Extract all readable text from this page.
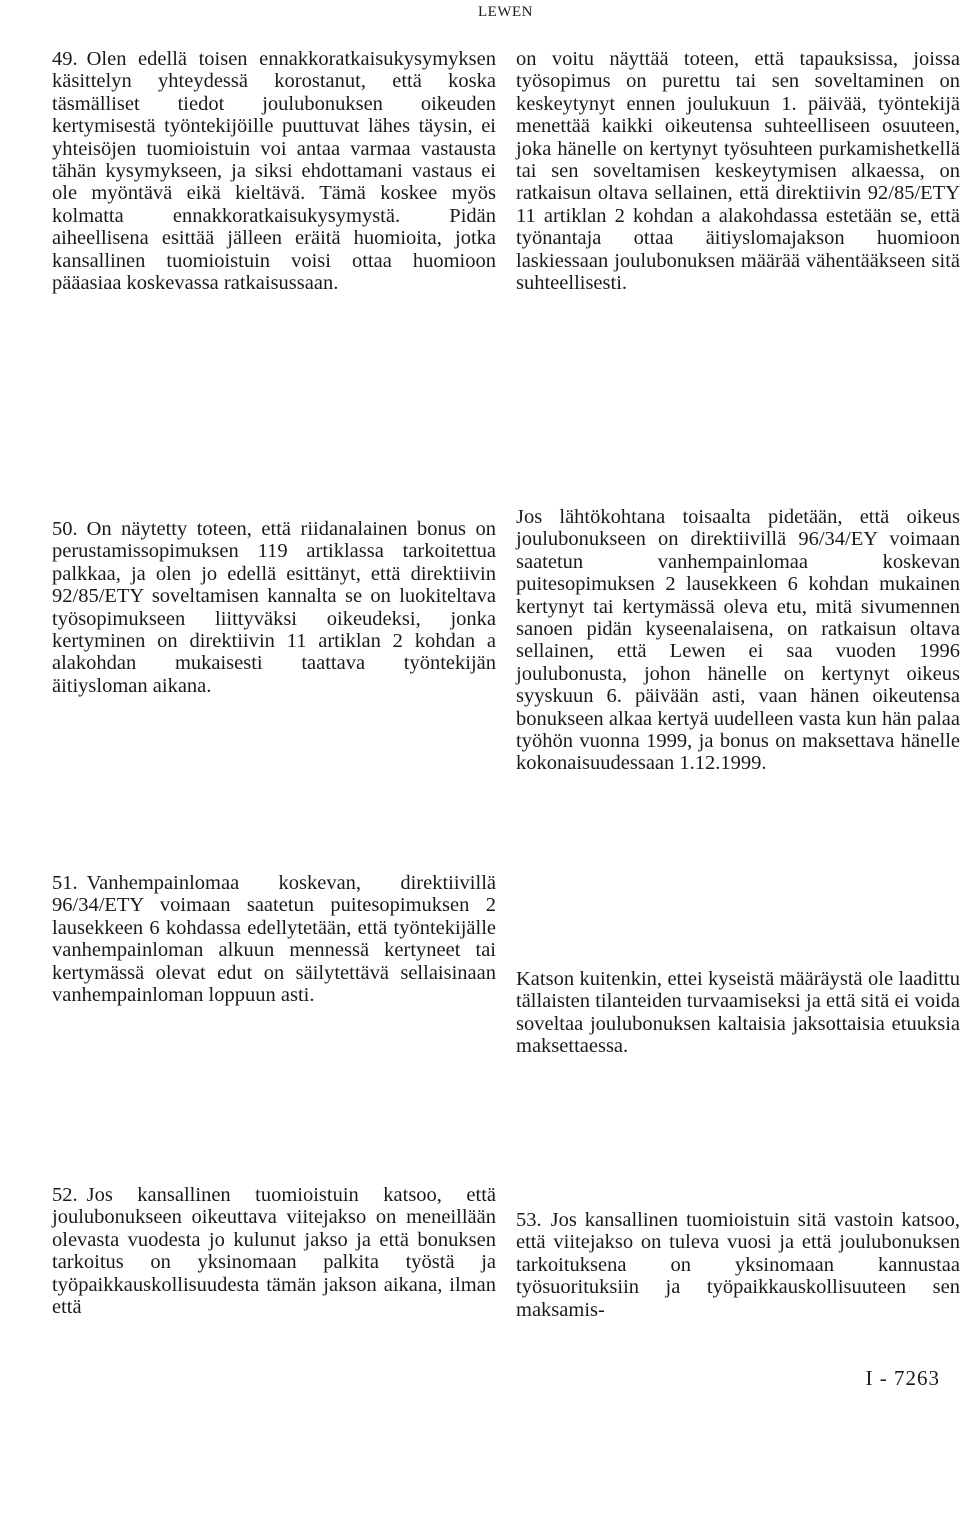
LEWEN

49. Olen edellä toisen ennakkoratkaisukysymyksen käsittelyn yhteydessä korostanut, että koska täsmälliset tiedot joulubonuksen oikeuden kertymisestä työntekijöille puuttuvat lähes täysin, ei yhteisöjen tuomioistuin voi antaa varmaa vastausta tähän kysymykseen, ja siksi ehdottamani vastaus ei ole myöntävä eikä kieltävä. Tämä koskee myös kolmatta ennakkoratkaisukysymystä. Pidän aiheellisena esittää jälleen eräitä huomioita, jotka kansallinen tuomioistuin voisi ottaa huomioon pääasiaa koskevassa ratkaisussaan.

on voitu näyttää toteen, että tapauksissa, joissa työsopimus on purettu tai sen soveltaminen on keskeytynyt ennen joulukuun 1. päivää, työntekijä menettää kaikki oikeutensa suhteelliseen osuuteen, joka hänelle on kertynyt työsuhteen purkamishetkellä tai sen soveltamisen keskeytymisen alkaessa, on ratkaisun oltava sellainen, että direktiivin 92/85/ETY 11 artiklan 2 kohdan a alakohdassa estetään se, että työnantaja ottaa äitiyslomajakson huomioon laskiessaan joulubonuksen määrää vähentääkseen sitä suhteellisesti.

50. On näytetty toteen, että riidanalainen bonus on perustamissopimuksen 119 artiklassa tarkoitettua palkkaa, ja olen jo edellä esittänyt, että direktiivin 92/85/ETY soveltamisen kannalta se on luokiteltava työsopimukseen liittyväksi oikeudeksi, jonka kertyminen on direktiivin 11 artiklan 2 kohdan a alakohdan mukaisesti taattava työntekijän äitiysloman aikana.

Jos lähtökohtana toisaalta pidetään, että oikeus joulubonukseen on direktiivillä 96/34/EY voimaan saatetun vanhempainlomaa koskevan puitesopimuksen 2 lausekkeen 6 kohdan mukainen kertynyt tai kertymässä oleva etu, mitä sivumennen sanoen pidän kyseenalaisena, on ratkaisun oltava sellainen, että Lewen ei saa vuoden 1996 joulubonusta, johon hänelle on kertynyt oikeus syyskuun 6. päivään asti, vaan hänen oikeutensa bonukseen alkaa kertyä uudelleen vasta kun hän palaa työhön vuonna 1999, ja bonus on maksettava hänelle kokonaisuudessaan 1.12.1999.

51. Vanhempainlomaa koskevan, direktiivillä 96/34/ETY voimaan saatetun puitesopimuksen 2 lausekkeen 6 kohdassa edellytetään, että työntekijälle vanhempainloman alkuun mennessä kertyneet tai kertymässä olevat edut on säilytettävä sellaisinaan vanhempainloman loppuun asti.

Katson kuitenkin, ettei kyseistä määräystä ole laadittu tällaisten tilanteiden turvaamiseksi ja että sitä ei voida soveltaa joulubonuksen kaltaisia jaksottaisia etuuksia maksettaessa.

52. Jos kansallinen tuomioistuin katsoo, että joulubonukseen oikeuttava viitejakso on meneillään olevasta vuodesta jo kulunut jakso ja että bonuksen tarkoitus on yksinomaan palkita työstä ja työpaikkauskollisuudesta tämän jakson aikana, ilman että

53. Jos kansallinen tuomioistuin sitä vastoin katsoo, että viitejakso on tuleva vuosi ja että joulubonuksen tarkoituksena on yksinomaan kannustaa työsuorituksiin ja työpaikkauskollisuuteen sen maksamis-

I - 7263
